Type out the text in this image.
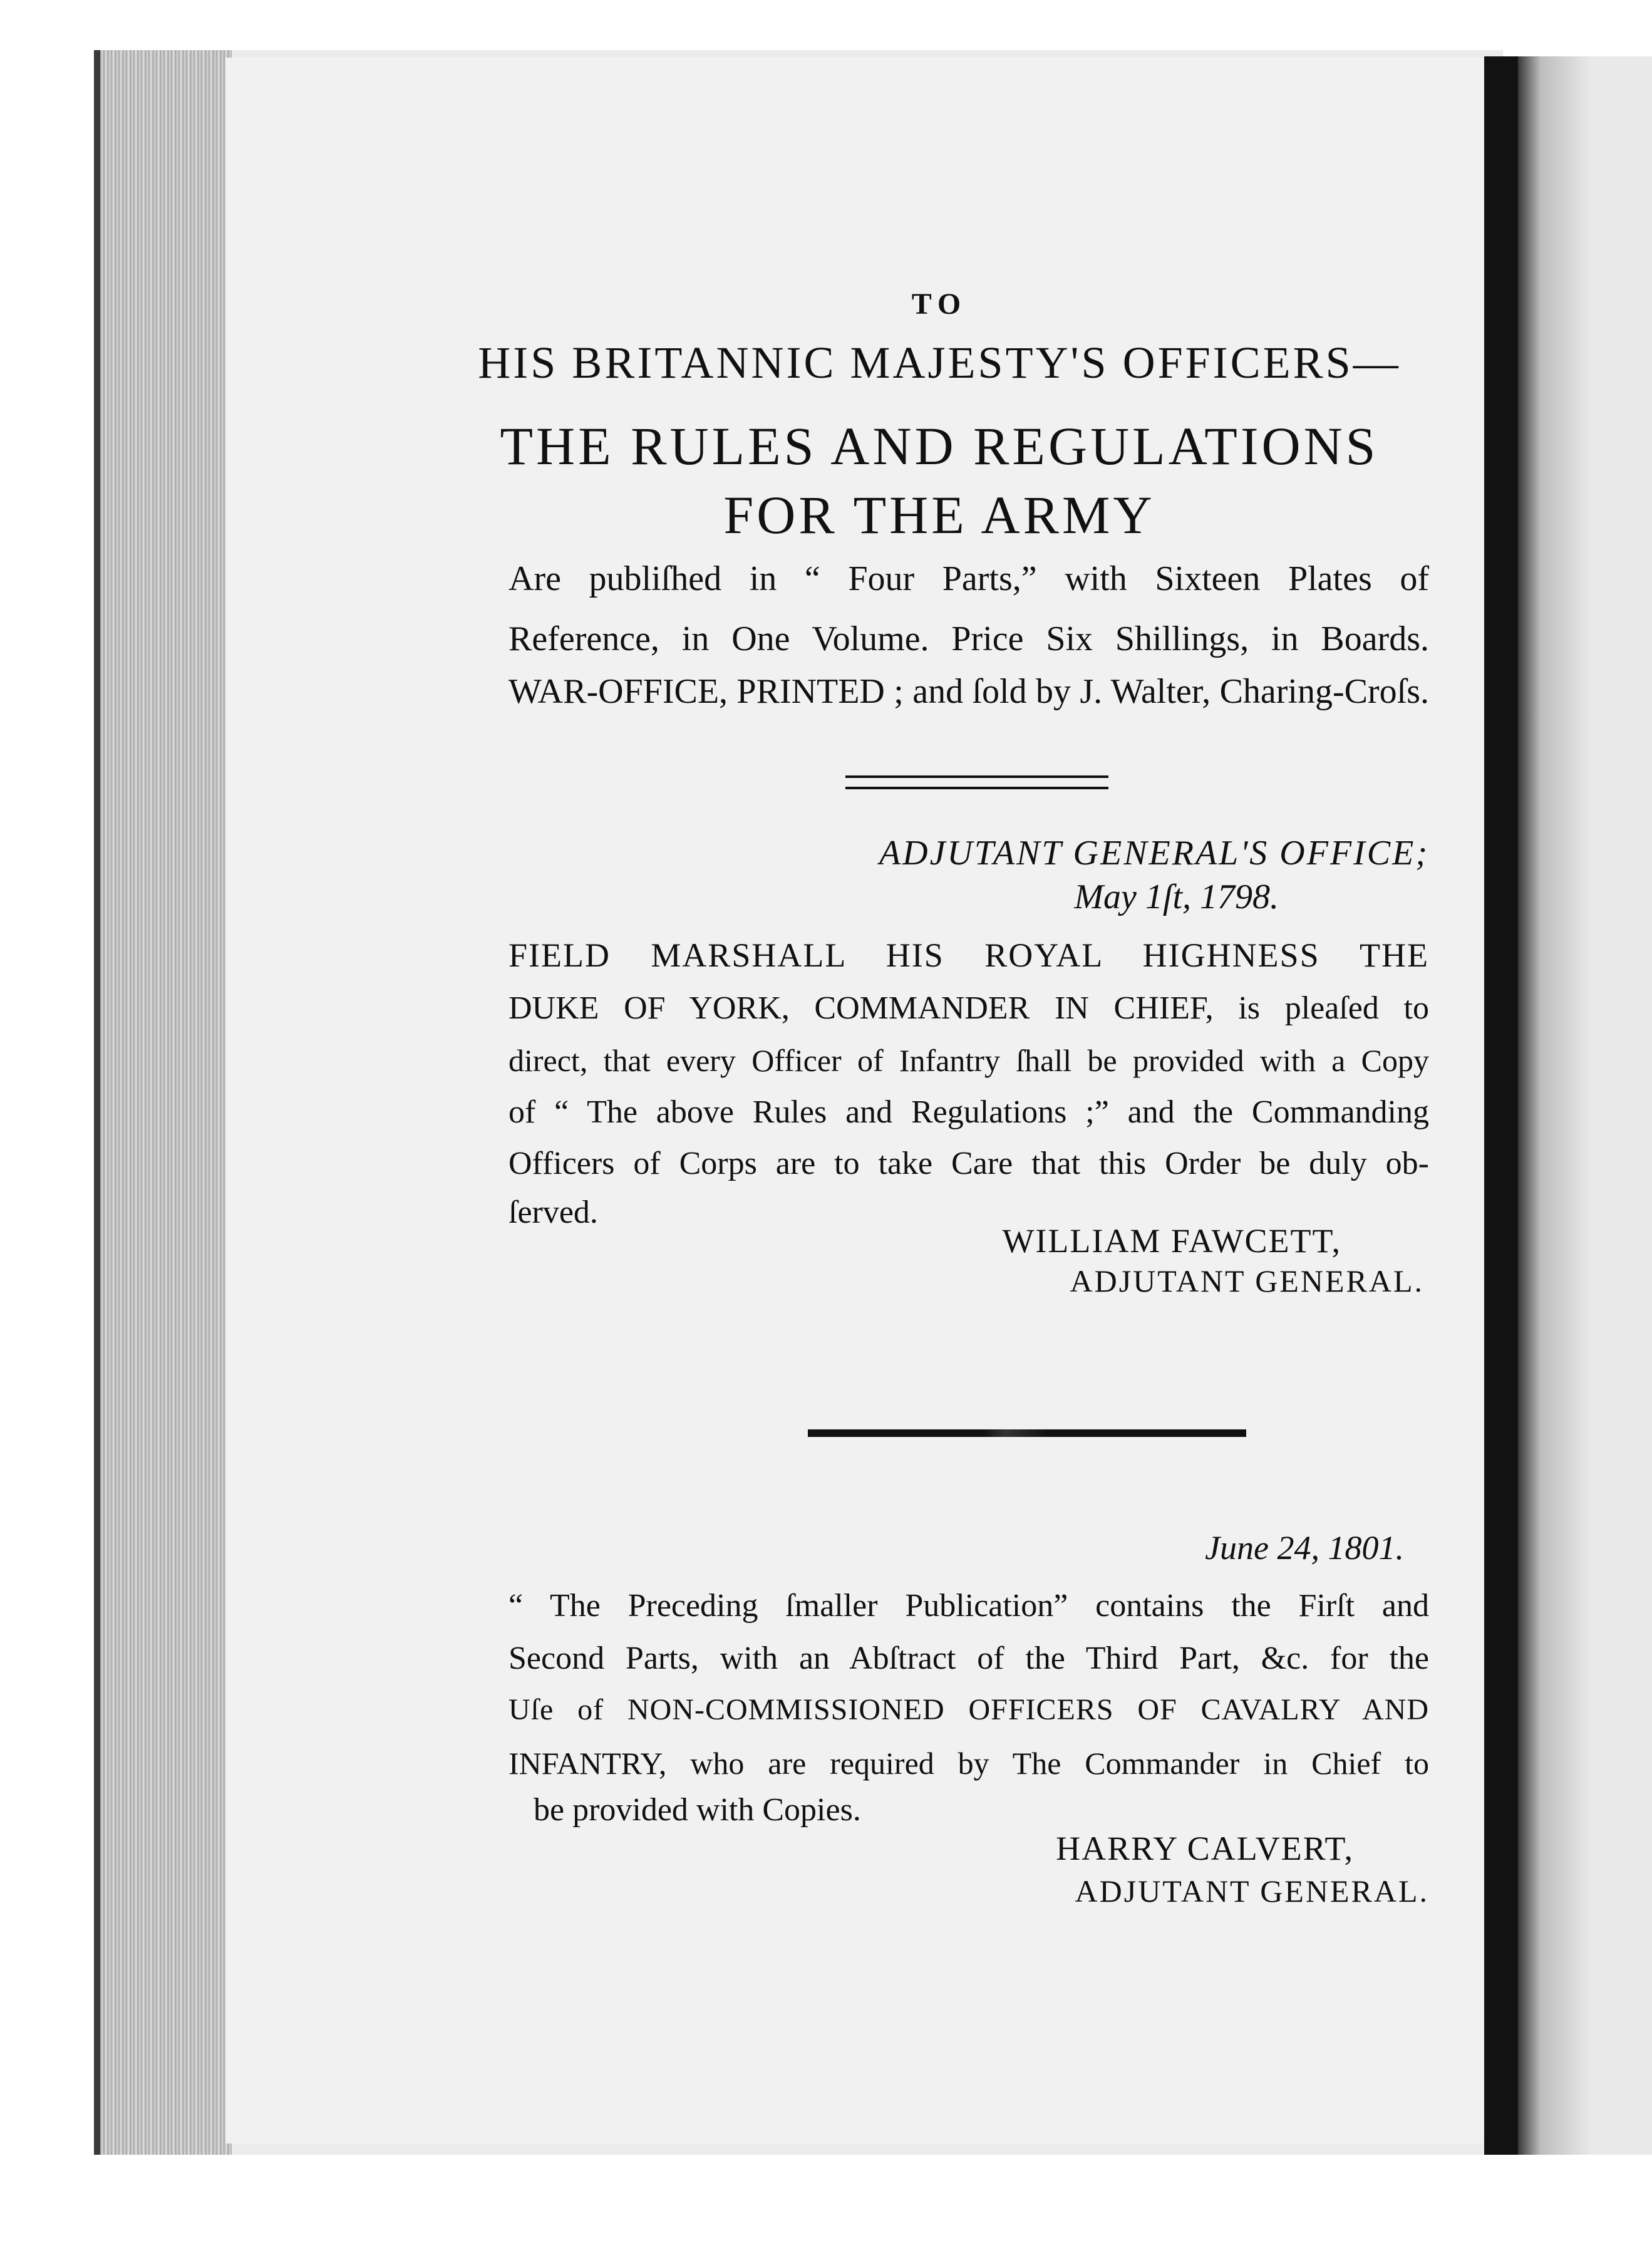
TO

HIS BRITANNIC MAJESTY'S OFFICERS—

THE RULES AND REGULATIONS

FOR THE ARMY

Are publiſhed in “ Four Parts,” with Sixteen Plates of

Reference, in One Volume. Price Six Shillings, in Boards.

WAR-OFFICE, PRINTED ; and ſold by J. Walter, Charing-Croſs.

ADJUTANT GENERAL'S OFFICE;

May 1ſt, 1798.

FIELD MARSHALL HIS ROYAL HIGHNESS THE

DUKE OF YORK, COMMANDER IN CHIEF, is pleaſed to

direct, that every Officer of Infantry ſhall be provided with a Copy

of “ The above Rules and Regulations ;” and the Commanding

Officers of Corps are to take Care that this Order be duly ob-

ſerved.

WILLIAM FAWCETT,

ADJUTANT GENERAL.

June 24, 1801.

“ The Preceding ſmaller Publication” contains the Firſt and

Second Parts, with an Abſtract of the Third Part, &c. for the

Uſe of NON-COMMISSIONED OFFICERS OF CAVALRY AND

INFANTRY, who are required by The Commander in Chief to

be provided with Copies.

HARRY CALVERT,

ADJUTANT GENERAL.
